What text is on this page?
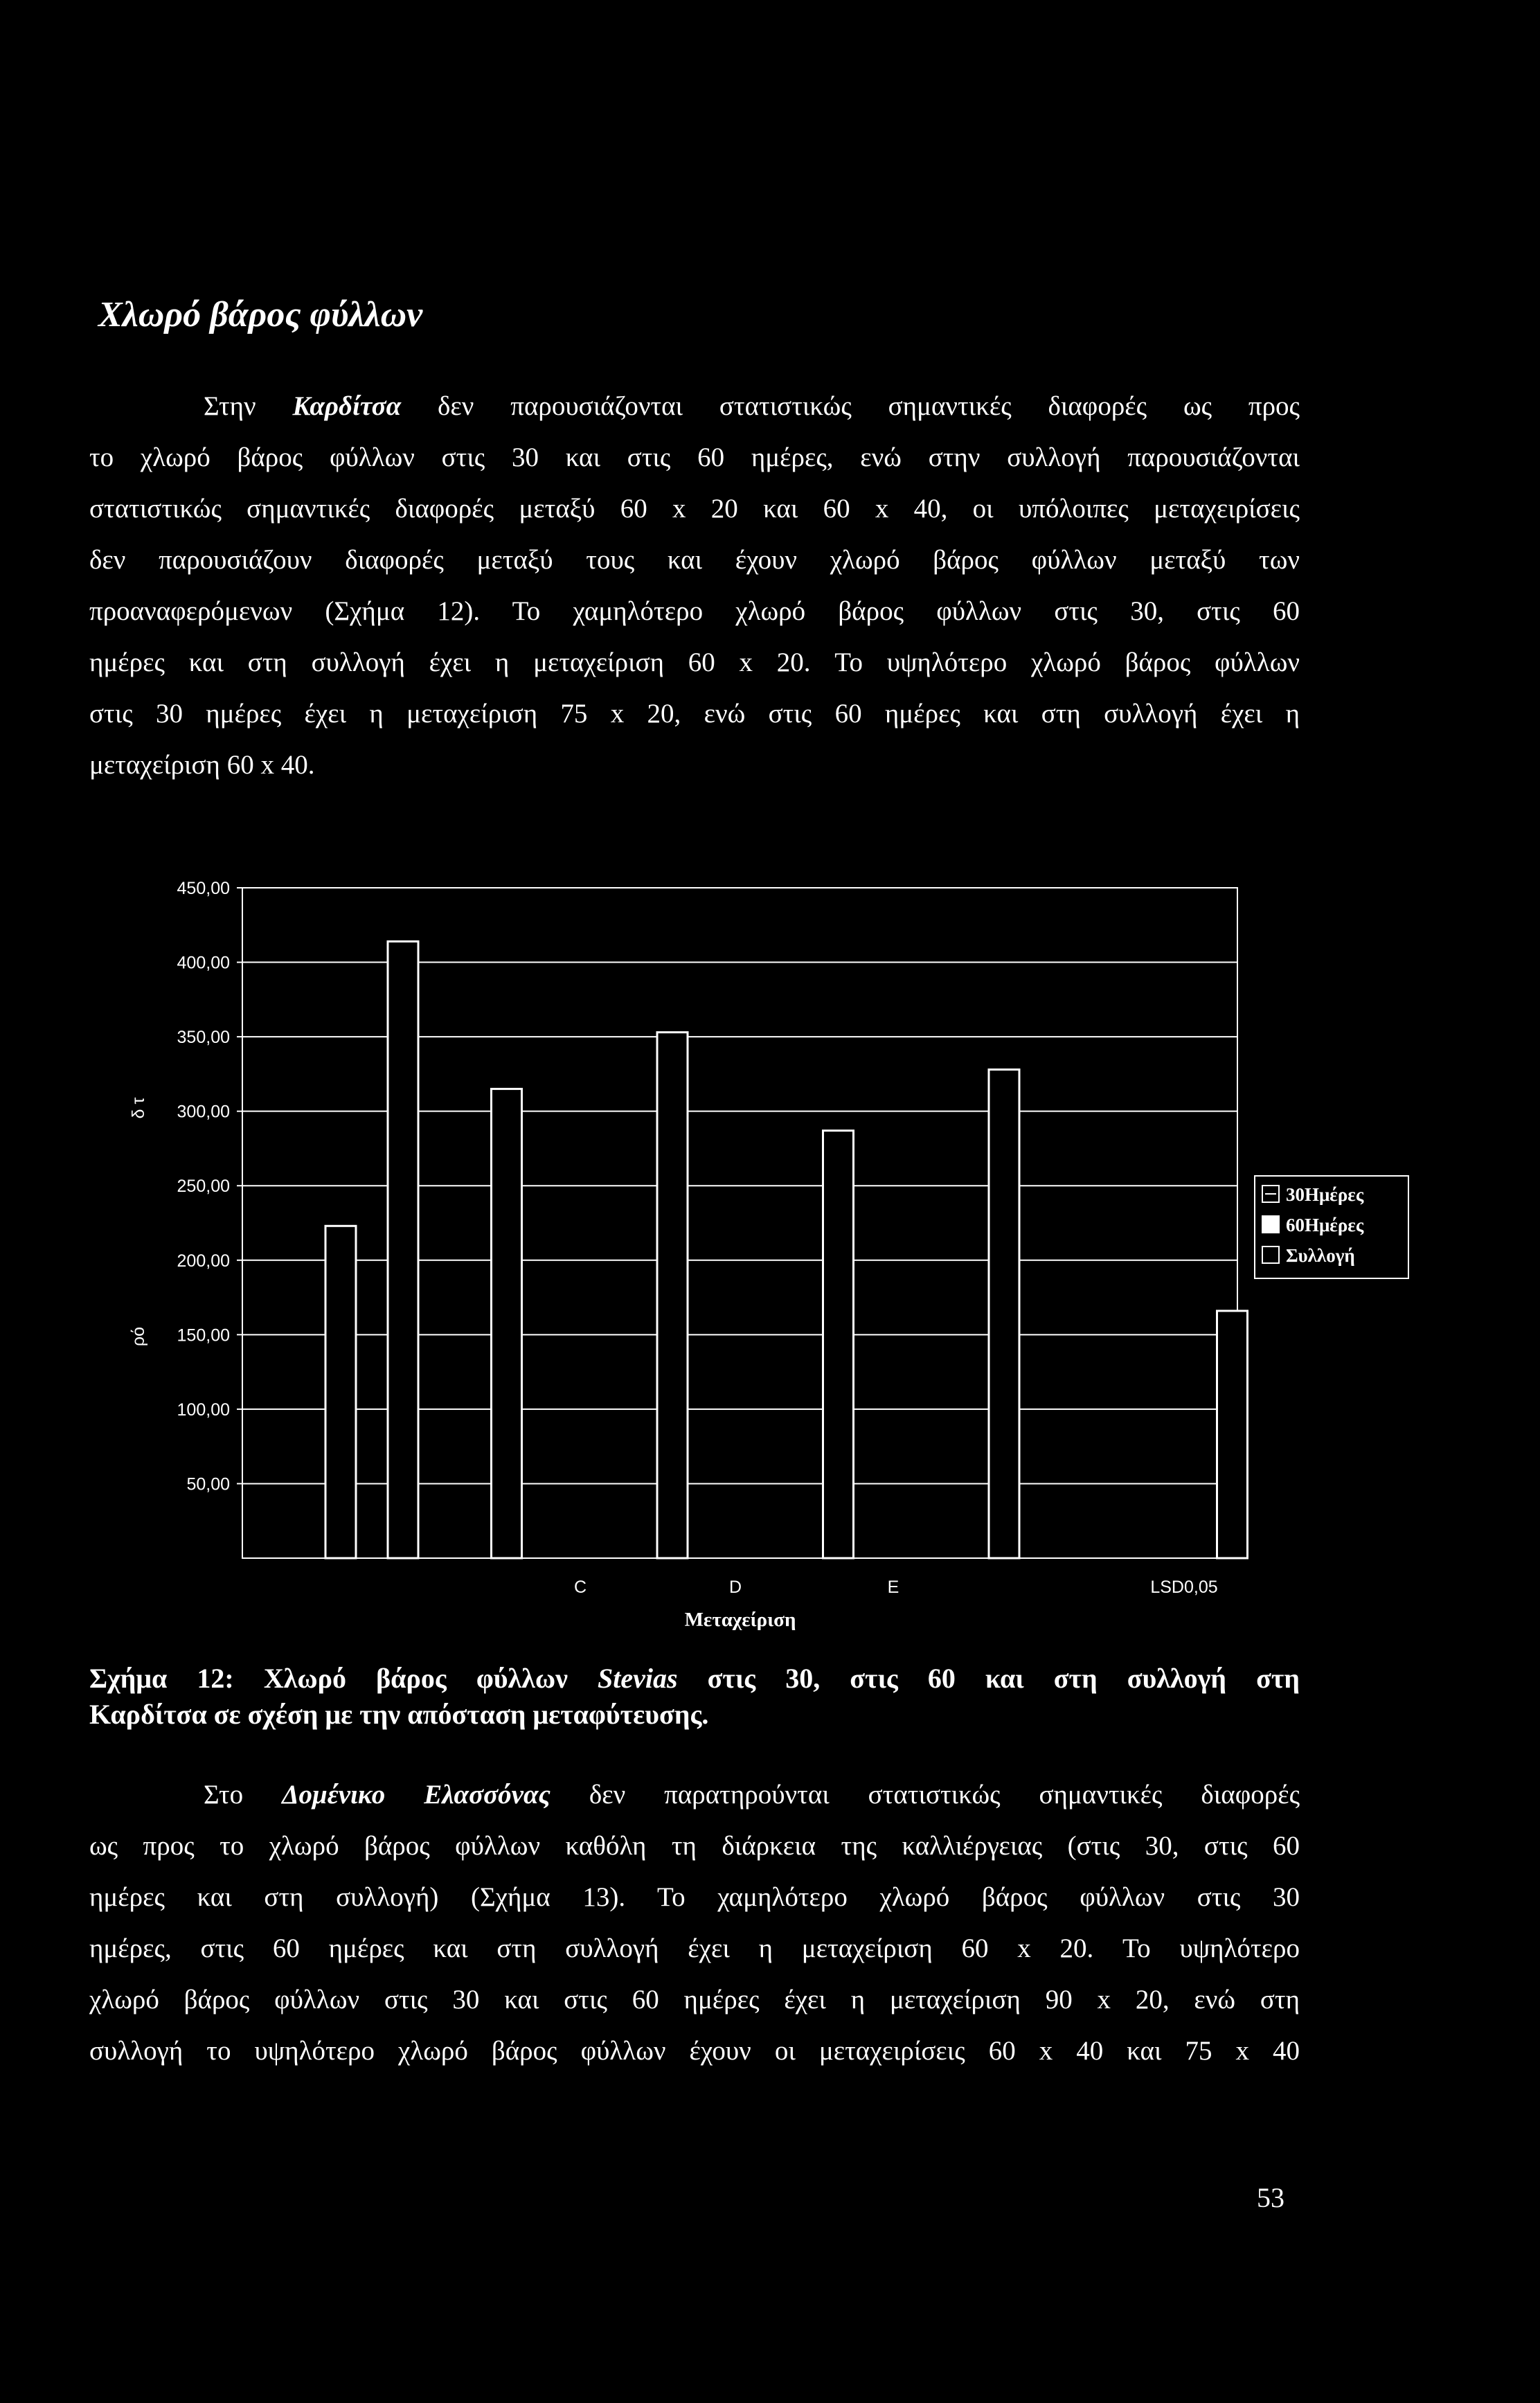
Χλωρό βάρος φύλλων
Στην Καρδίτσα δεν παρουσιάζονται στατιστικώς σημαντικές διαφορές ως προς
το χλωρό βάρος φύλλων στις 30 και στις 60 ημέρες, ενώ στην συλλογή παρουσιάζονται
στατιστικώς σημαντικές διαφορές μεταξύ 60 x 20 και 60 x 40, οι υπόλοιπες μεταχειρίσεις
δεν παρουσιάζουν διαφορές μεταξύ τους και έχουν χλωρό βάρος φύλλων μεταξύ των
προαναφερόμενων (Σχήμα 12). Το χαμηλότερο χλωρό βάρος φύλλων στις 30, στις 60
ημέρες και στη συλλογή έχει η μεταχείριση 60 x 20. Το υψηλότερο χλωρό βάρος φύλλων
στις 30 ημέρες έχει η μεταχείριση 75 x 20, ενώ στις 60 ημέρες και στη συλλογή έχει η
μεταχείριση 60 x 40.
450,00
400,00
350,00
300,00
250,00
200,00
150,00
100,00
50,00
δ τ
ρό
C	D	E	LSD0,05
Μεταχείριση
30Ημέρες
60Ημέρες
Συλλογή
Σχήμα 12: Χλωρό βάρος φύλλων Stevias στις 30, στις 60 και στη συλλογή στη
Καρδίτσα σε σχέση με την απόσταση μεταφύτευσης.
Στο Δομένικο Ελασσόνας δεν παρατηρούνται στατιστικώς σημαντικές διαφορές
ως προς το χλωρό βάρος φύλλων καθόλη τη διάρκεια της καλλιέργειας (στις 30, στις 60
ημέρες και στη συλλογή) (Σχήμα 13). Το χαμηλότερο χλωρό βάρος φύλλων στις 30
ημέρες, στις 60 ημέρες και στη συλλογή έχει η μεταχείριση 60 x 20. Το υψηλότερο
χλωρό βάρος φύλλων στις 30 και στις 60 ημέρες έχει η μεταχείριση 90 x 20, ενώ στη
συλλογή το υψηλότερο χλωρό βάρος φύλλων έχουν οι μεταχειρίσεις 60 x 40 και 75 x 40
53
